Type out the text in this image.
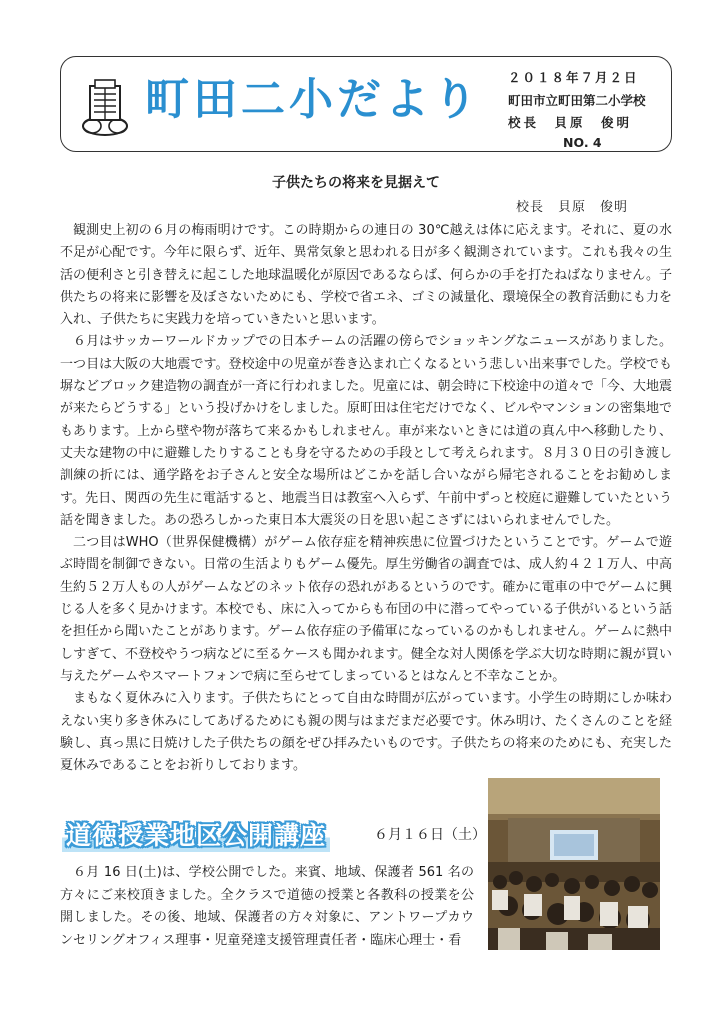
町田二小だより ２０１８年７月２日
町田市立町田第二小学校
校長　貝原　俊明
NO. 4
子供たちの将来を見据えて
校長　貝原　俊明

観測史上初の６月の梅雨明けです。この時期からの連日の 30℃越えは体に応えます。それに、夏の水不足が心配です。今年に限らず、近年、異常気象と思われる日が多く観測されています。これも我々の生活の便利さと引き替えに起こした地球温暖化が原因であるならば、何らかの手を打たねばなりません。子供たちの将来に影響を及ぼさないためにも、学校で省エネ、ゴミの減量化、環境保全の教育活動にも力を入れ、子供たちに実践力を培っていきたいと思います。

６月はサッカーワールドカップでの日本チームの活躍の傍らでショッキングなニュースがありました。一つ目は大阪の大地震です。登校途中の児童が巻き込まれ亡くなるという悲しい出来事でした。学校でも塀などブロック建造物の調査が一斉に行われました。児童には、朝会時に下校途中の道々で「今、大地震が来たらどうする」という投げかけをしました。原町田は住宅だけでなく、ビルやマンションの密集地でもあります。上から壁や物が落ちて来るかもしれません。車が来ないときには道の真ん中へ移動したり、丈夫な建物の中に避難したりすることも身を守るための手段として考えられます。８月３０日の引き渡し訓練の折には、通学路をお子さんと安全な場所はどこかを話し合いながら帰宅されることをお勧めします。先日、関西の先生に電話すると、地震当日は教室へ入らず、午前中ずっと校庭に避難していたという話を聞きました。あの恐ろしかった東日本大震災の日を思い起こさずにはいられませんでした。

二つ目はWHO（世界保健機構）がゲーム依存症を精神疾患に位置づけたということです。ゲームで遊ぶ時間を制御できない。日常の生活よりもゲーム優先。厚生労働省の調査では、成人約４２１万人、中高生約５２万人もの人がゲームなどのネット依存の恐れがあるというのです。確かに電車の中でゲームに興じる人を多く見かけます。本校でも、床に入ってからも布団の中に潜ってやっている子供がいるという話を担任から聞いたことがあります。ゲーム依存症の予備軍になっているのかもしれません。ゲームに熱中しすぎて、不登校やうつ病などに至るケースも聞かれます。健全な対人関係を学ぶ大切な時期に親が買い与えたゲームやスマートフォンで病に至らせてしまっているとはなんと不幸なことか。

まもなく夏休みに入ります。子供たちにとって自由な時間が広がっています。小学生の時期にしか味わえない実り多き休みにしてあげるためにも親の関与はまだまだ必要です。休み明け、たくさんのことを経験し、真っ黒に日焼けした子供たちの顔をぜひ拝みたいものです。子供たちの将来のためにも、充実した夏休みであることをお祈りしております。

道徳授業地区公開講座	６月１６日（土）

６月 16 日(土)は、学校公開でした。来賓、地域、保護者 561 名の方々にご来校頂きました。全クラスで道徳の授業と各教科の授業を公開しました。その後、地域、保護者の方々対象に、アントワープカウンセリングオフィス理事・児童発達支援管理責任者・臨床心理士・看
